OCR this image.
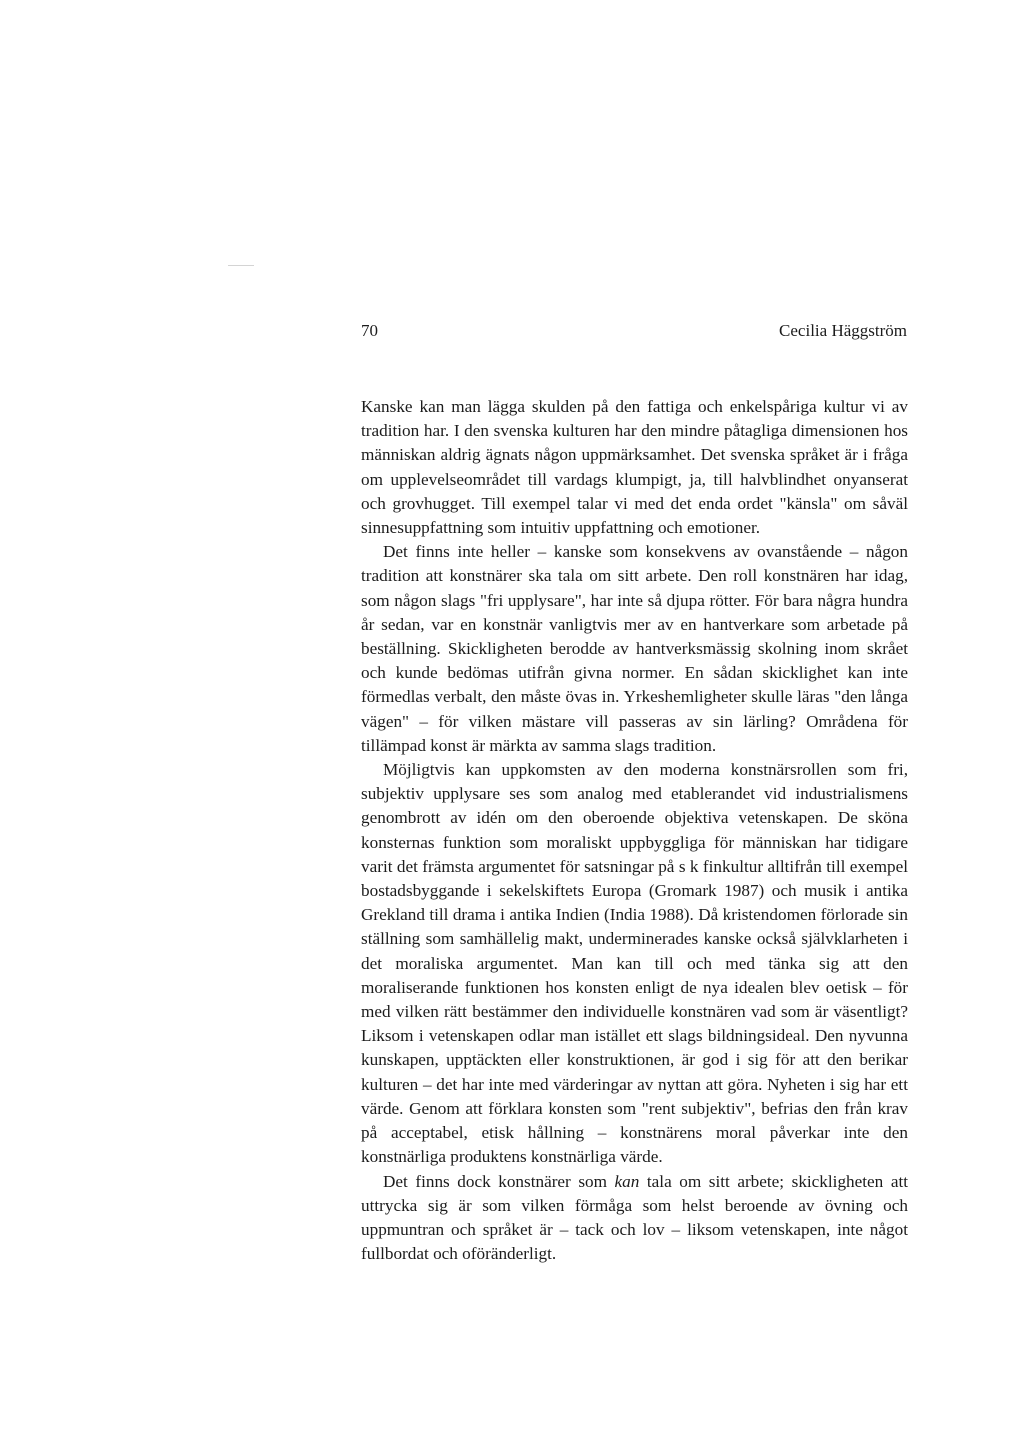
70	Cecilia Häggström

Kanske kan man lägga skulden på den fattiga och enkelspåriga kultur vi av tradition har. I den svenska kulturen har den mindre påtagliga dimensionen hos människan aldrig ägnats någon uppmärksamhet. Det svenska språket är i fråga om upplevelseområdet till vardags klumpigt, ja, till halvblindhet onyanserat och grovhugget. Till exempel talar vi med det enda ordet "känsla" om såväl sinnesuppfattning som intuitiv uppfattning och emotioner.

Det finns inte heller – kanske som konsekvens av ovanstående – någon tradition att konstnärer ska tala om sitt arbete. Den roll konstnären har idag, som någon slags "fri upplysare", har inte så djupa rötter. För bara några hundra år sedan, var en konstnär vanligtvis mer av en hantverkare som arbetade på beställning. Skickligheten berodde av hantverksmässig skolning inom skrået och kunde bedömas utifrån givna normer. En sådan skicklighet kan inte förmedlas verbalt, den måste övas in. Yrkeshemligheter skulle läras "den långa vägen" – för vilken mästare vill passeras av sin lärling? Områdena för tillämpad konst är märkta av samma slags tradition.

Möjligtvis kan uppkomsten av den moderna konstnärsrollen som fri, subjektiv upplysare ses som analog med etablerandet vid industrialismens genombrott av idén om den oberoende objektiva vetenskapen. De sköna konsternas funktion som moraliskt uppbyggliga för människan har tidigare varit det främsta argumentet för satsningar på s k finkultur alltifrån till exempel bostadsbyggande i sekelskiftets Europa (Gromark 1987) och musik i antika Grekland till drama i antika Indien (India 1988). Då kristendomen förlorade sin ställning som samhällelig makt, underminerades kanske också självklarheten i det moraliska argumentet. Man kan till och med tänka sig att den moraliserande funktionen hos konsten enligt de nya idealen blev oetisk – för med vilken rätt bestämmer den individuelle konstnären vad som är väsentligt? Liksom i vetenskapen odlar man istället ett slags bildningsideal. Den nyvunna kunskapen, upptäckten eller konstruktionen, är god i sig för att den berikar kulturen – det har inte med värderingar av nyttan att göra. Nyheten i sig har ett värde. Genom att förklara konsten som "rent subjektiv", befrias den från krav på acceptabel, etisk hållning – konstnärens moral påverkar inte den konstnärliga produktens konstnärliga värde.

Det finns dock konstnärer som kan tala om sitt arbete; skickligheten att uttrycka sig är som vilken förmåga som helst beroende av övning och uppmuntran och språket är – tack och lov – liksom vetenskapen, inte något fullbordat och oföränderligt.
